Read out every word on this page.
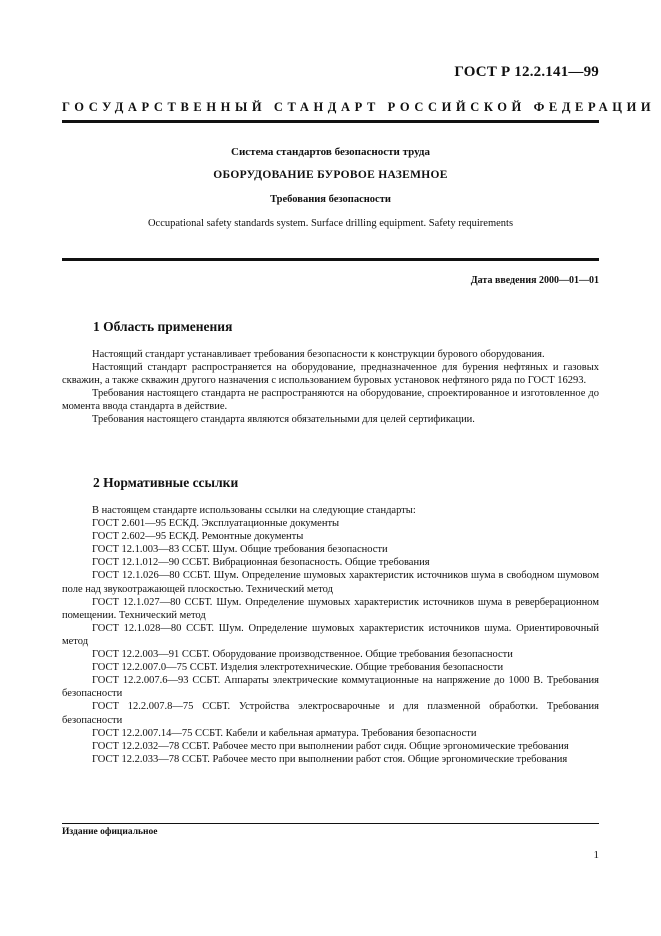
ГОСТ Р 12.2.141—99
ГОСУДАРСТВЕННЫЙ СТАНДАРТ РОССИЙСКОЙ ФЕДЕРАЦИИ
Система стандартов безопасности труда
ОБОРУДОВАНИЕ БУРОВОЕ НАЗЕМНОЕ
Требования безопасности
Occupational safety standards system. Surface drilling equipment. Safety requirements
Дата введения 2000—01—01
1 Область применения

Настоящий стандарт устанавливает требования безопасности к конструкции бурового оборудования.

Настоящий стандарт распространяется на оборудование, предназначенное для бурения нефтяных и газовых скважин, а также скважин другого назначения с использованием буровых установок нефтяного ряда по ГОСТ 16293.

Требования настоящего стандарта не распространяются на оборудование, спроектированное и изготовленное до момента ввода стандарта в действие.

Требования настоящего стандарта являются обязательными для целей сертификации.

2 Нормативные ссылки

В настоящем стандарте использованы ссылки на следующие стандарты:

ГОСТ 2.601—95 ЕСКД. Эксплуатационные документы

ГОСТ 2.602—95 ЕСКД. Ремонтные документы

ГОСТ 12.1.003—83 ССБТ. Шум. Общие требования безопасности

ГОСТ 12.1.012—90 ССБТ. Вибрационная безопасность. Общие требования

ГОСТ 12.1.026—80 ССБТ. Шум. Определение шумовых характеристик источников шума в свободном шумовом поле над звукоотражающей плоскостью. Технический метод

ГОСТ 12.1.027—80 ССБТ. Шум. Определение шумовых характеристик источников шума в реверберационном помещении. Технический метод

ГОСТ 12.1.028—80 ССБТ. Шум. Определение шумовых характеристик источников шума. Ориентировочный метод

ГОСТ 12.2.003—91 ССБТ. Оборудование производственное. Общие требования безопасности

ГОСТ 12.2.007.0—75 ССБТ. Изделия электротехнические. Общие требования безопасности

ГОСТ 12.2.007.6—93 ССБТ. Аппараты электрические коммутационные на напряжение до 1000 В. Требования безопасности

ГОСТ 12.2.007.8—75 ССБТ. Устройства электросварочные и для плазменной обработки. Требования безопасности

ГОСТ 12.2.007.14—75 ССБТ. Кабели и кабельная арматура. Требования безопасности

ГОСТ 12.2.032—78 ССБТ. Рабочее место при выполнении работ сидя. Общие эргономические требования

ГОСТ 12.2.033—78 ССБТ. Рабочее место при выполнении работ стоя. Общие эргономические требования

Издание официальное
1
